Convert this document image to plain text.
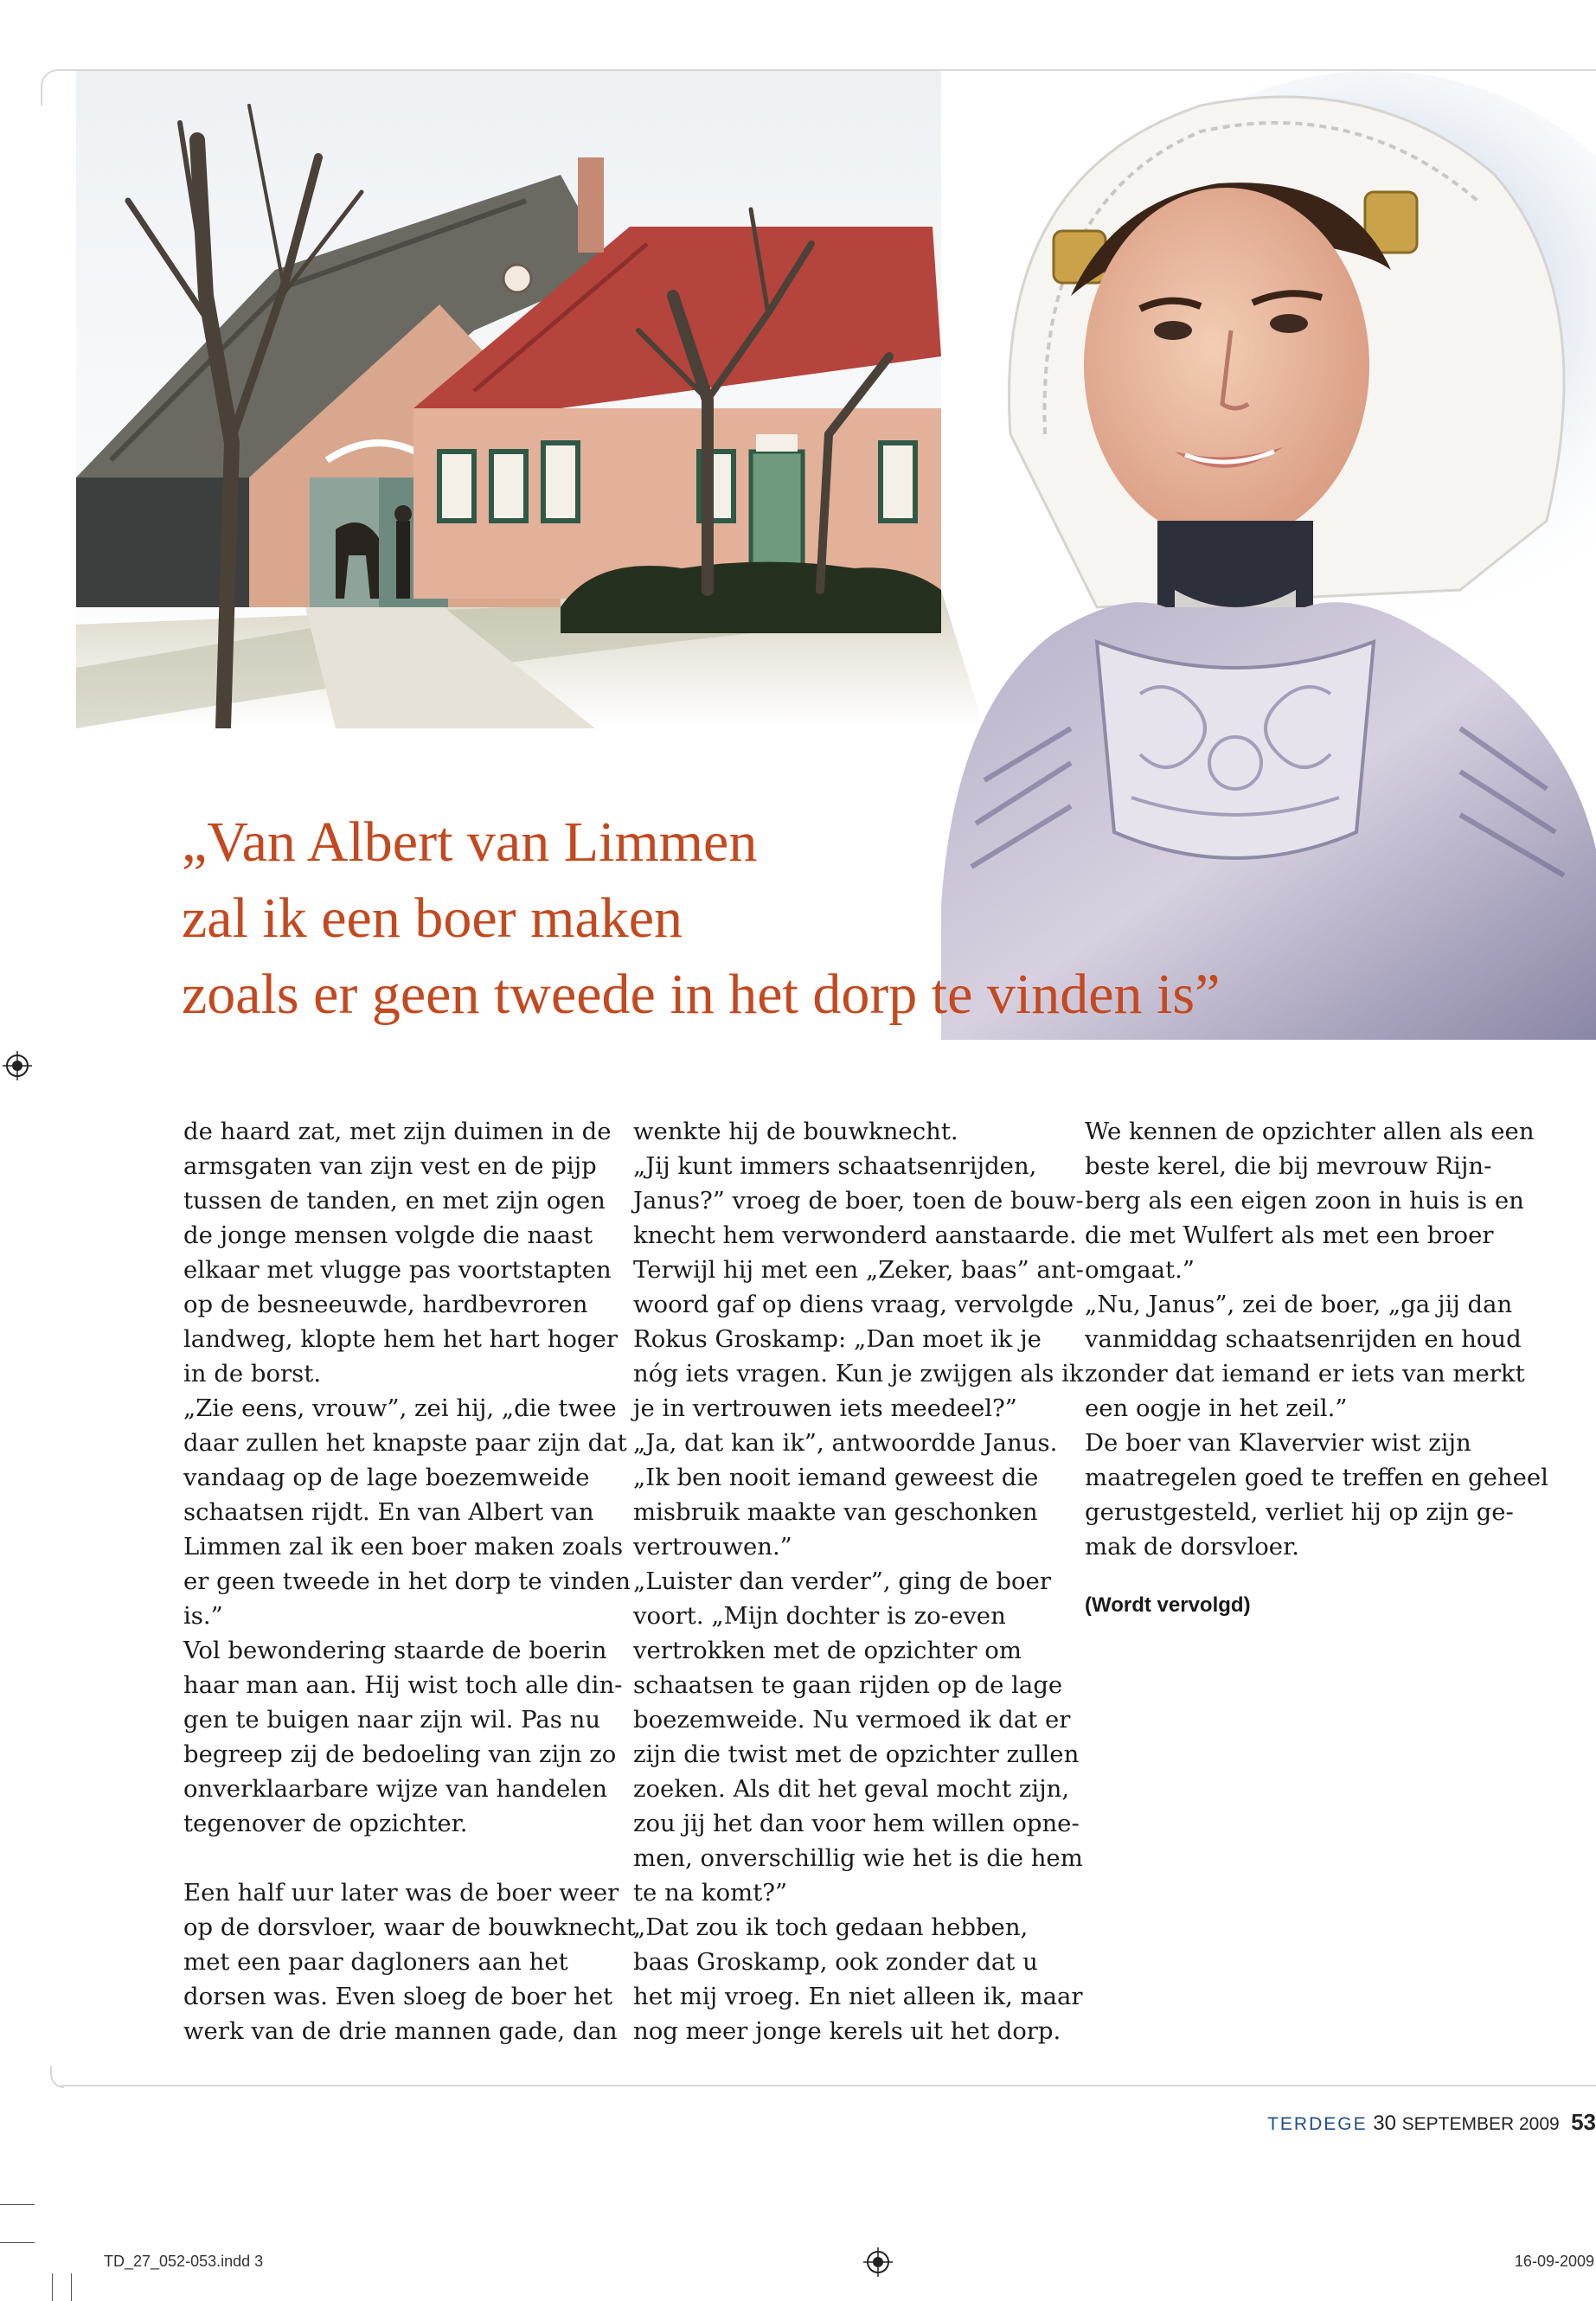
„Van Albert van Limmen
zal ik een boer maken
zoals er geen tweede in het dorp te vinden is”

de haard zat, met zijn duimen in de

armsgaten van zijn vest en de pijp

tussen de tanden, en met zijn ogen

de jonge mensen volgde die naast

elkaar met vlugge pas voortstapten

op de besneeuwde, hardbevroren

landweg, klopte hem het hart hoger

in de borst.

„Zie eens, vrouw”, zei hij, „die twee

daar zullen het knapste paar zijn dat

vandaag op de lage boezemweide

schaatsen rijdt. En van Albert van

Limmen zal ik een boer maken zoals

er geen tweede in het dorp te vinden

is.”

Vol bewondering staarde de boerin

haar man aan. Hij wist toch alle din-

gen te buigen naar zijn wil. Pas nu

begreep zij de bedoeling van zijn zo

onverklaarbare wijze van handelen

tegenover de opzichter.

Een half uur later was de boer weer

op de dorsvloer, waar de bouwknecht

met een paar dagloners aan het

dorsen was. Even sloeg de boer het

werk van de drie mannen gade, dan

wenkte hij de bouwknecht.

„Jij kunt immers schaatsenrijden,

Janus?” vroeg de boer, toen de bouw-

knecht hem verwonderd aanstaarde.

Terwijl hij met een „Zeker, baas” ant-

woord gaf op diens vraag, vervolgde

Rokus Groskamp: „Dan moet ik je

nóg iets vragen. Kun je zwijgen als ik

je in vertrouwen iets meedeel?”

„Ja, dat kan ik”, antwoordde Janus.

„Ik ben nooit iemand geweest die

misbruik maakte van geschonken

vertrouwen.”

„Luister dan verder”, ging de boer

voort. „Mijn dochter is zo-even

vertrokken met de opzichter om

schaatsen te gaan rijden op de lage

boezemweide. Nu vermoed ik dat er

zijn die twist met de opzichter zullen

zoeken. Als dit het geval mocht zijn,

zou jij het dan voor hem willen opne-

men, onverschillig wie het is die hem

te na komt?”

„Dat zou ik toch gedaan hebben,

baas Groskamp, ook zonder dat u

het mij vroeg. En niet alleen ik, maar

nog meer jonge kerels uit het dorp.

We kennen de opzichter allen als een

beste kerel, die bij mevrouw Rijn-

berg als een eigen zoon in huis is en

die met Wulfert als met een broer

omgaat.”

„Nu, Janus”, zei de boer, „ga jij dan

vanmiddag schaatsenrijden en houd

zonder dat iemand er iets van merkt

een oogje in het zeil.”

De boer van Klavervier wist zijn

maatregelen goed te treffen en geheel

gerustgesteld, verliet hij op zijn ge-

mak de dorsvloer.

(Wordt vervolgd)

TERDEGE 30 SEPTEMBER 2009 53
TD_27_052-053.indd 3	16-09-2009
